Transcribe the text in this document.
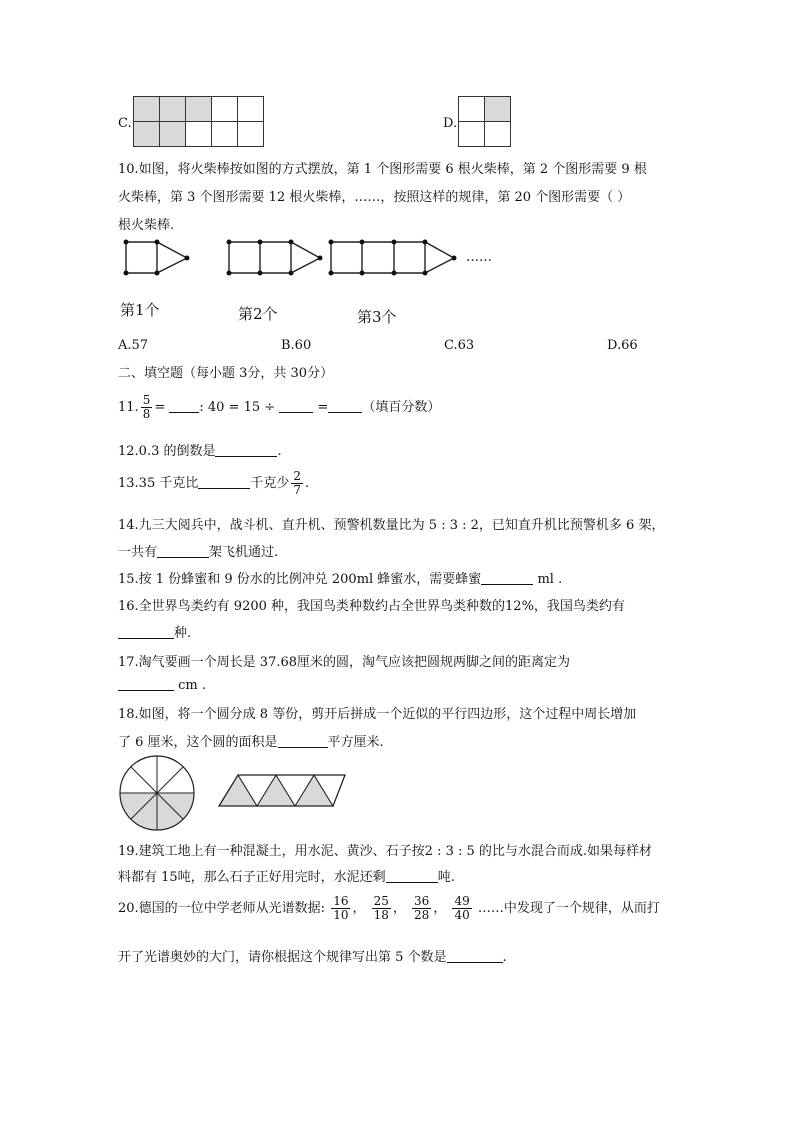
C.

					D.

10.如图，将火柴棒按如图的方式摆放，第 1 个图形需要 6 根火柴棒，第 2 个图形需要 9 根
火柴棒，第 3 个图形需要 12 根火柴棒，……，按照这样的规律，第 20 个图形需要（ ）
根火柴棒.
……
第1个	第2个	第3个
A.57	B.60	C.63	D.66
二、填空题（每小题 3分，共 30分）
11. $\frac{5}{8}$ =	: 40 = 15 ÷	=	（填百分数）
12.0.3 的倒数是	.
13.35 千克比	千克少 $\frac{2}{7}$ .
14.九三大阅兵中，战斗机、直升机、预警机数量比为 5 : 3 : 2，已知直升机比预警机多 6 架，
一共有	架飞机通过.
15.按 1 份蜂蜜和 9 份水的比例冲兑 200ml 蜂蜜水，需要蜂蜜	ml .
16.全世界鸟类约有 9200 种，我国鸟类种数约占全世界鸟类种数的12%，我国鸟类约有
种.
17.淘气要画一个周长是 37.68厘米的圆，淘气应该把圆规两脚之间的距离定为
cm .
18.如图，将一个圆分成 8 等份，剪开后拼成一个近似的平行四边形，这个过程中周长增加
了 6 厘米，这个圆的面积是	平方厘米.
19.建筑工地上有一种混凝土，用水泥、黄沙、石子按2 : 3 : 5 的比与水混合而成.如果每样材
料都有 15吨，那么石子正好用完时，水泥还剩	吨.
20.德国的一位中学老师从光谱数据: $\frac{16}{10}$ ， $\frac{25}{18}$ ， $\frac{36}{28}$ ， $\frac{49}{40}$ ……中发现了一个规律，从而打
开了光谱奥妙的大门，请你根据这个规律写出第 5 个数是	.
